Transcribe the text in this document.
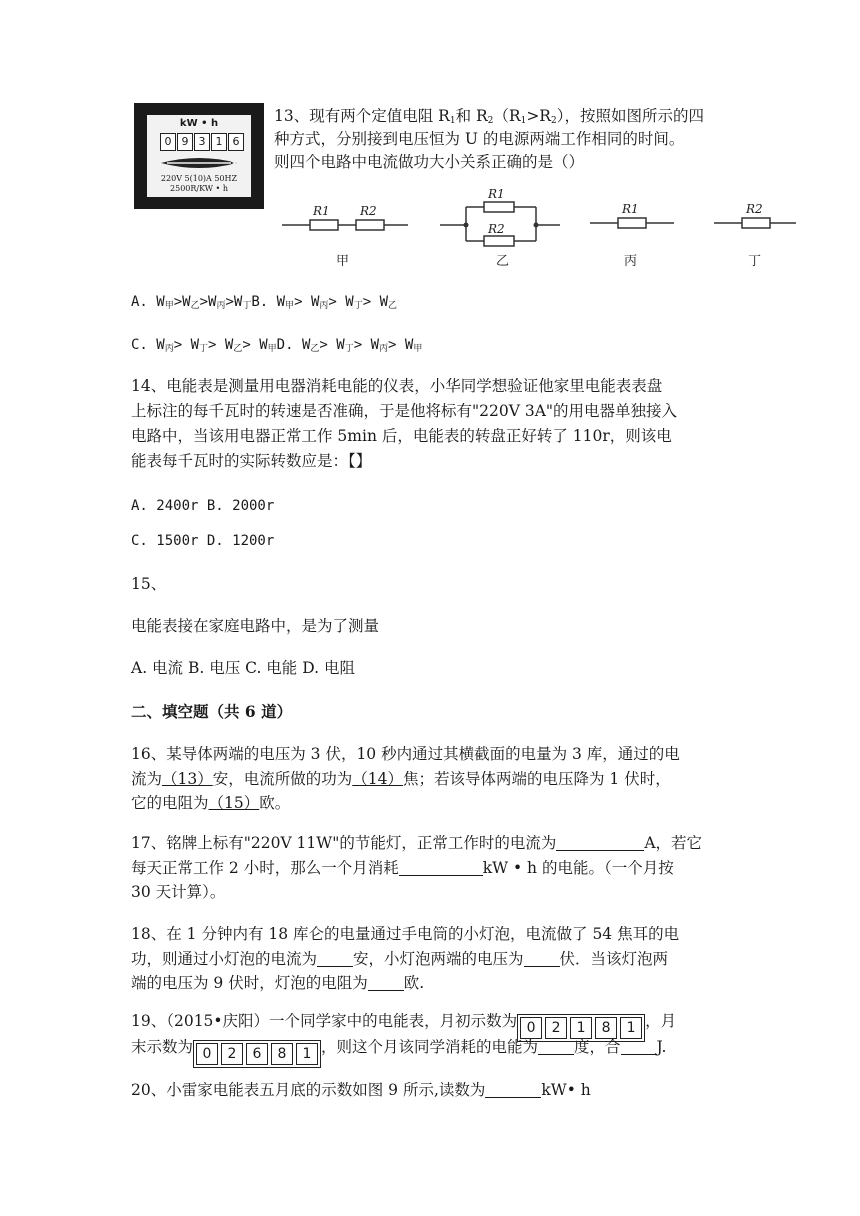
kW • h
0 9 3 1 6
220V 5(10)A 50HZ
2500R/KW • h
13、现有两个定值电阻 $R_1$和 $R_2(R_1>R_2)$，按照如图所示的四
种方式，分别接到电压恒为 U 的电源两端工作相同的时间。
则四个电路中电流做功大小关系正确的是（）
R1	R2
R1
R2
R1	R2
甲	乙	丙	丁
A. $W_甲>W_乙>W_丙>W_丁B$. $W_甲> W_丙> W_丁> W_乙$
C. $W_丙> W_丁> W_乙> W_甲D$. $W_乙> W_丁> W_丙> W_甲$
14、电能表是测量用电器消耗电能的仪表，小华同学想验证他家里电能表表盘
上标注的每千瓦时的转速是否准确，于是他将标有"220V 3A"的用电器单独接入
电路中，当该用电器正常工作 5min 后，电能表的转盘正好转了 110r，则该电
能表每千瓦时的实际转数应是：【】
A. 2400r B. 2000r
C. 1500r D. 1200r
15、
电能表接在家庭电路中，是为了测量
A. 电流 B. 电压 C. 电能 D. 电阻
二、填空题（共 6 道）
16、某导体两端的电压为 3 伏，10 秒内通过其横截面的电量为 3 库，通过的电
流为（13）安，电流所做的功为（14）焦；若该导体两端的电压降为 1 伏时，
它的电阻为（15）欧。
17、铭牌上标有"220V 11W"的节能灯，正常工作时的电流为	A，若它
每天正常工作 2 小时，那么一个月消耗	kW • h 的电能。（一个月按
30 天计算）。
18、在 1 分钟内有 18 库仑的电量通过手电筒的小灯泡，电流做了 54 焦耳的电
功，则通过小灯泡的电流为 安，小灯泡两端的电压为 伏．当该灯泡两
端的电压为 9 伏时，灯泡的电阻为 欧.
19、（2015•庆阳）一个同学家中的电能表，月初示数为 0	2	1	8	1 ，月
末示数为 0	2	6	8	1 ，则这个月该同学消耗的电能为 度，合 J.
20、小雷家电能表五月底的示数如图 9 所示,读数为	kW• h
